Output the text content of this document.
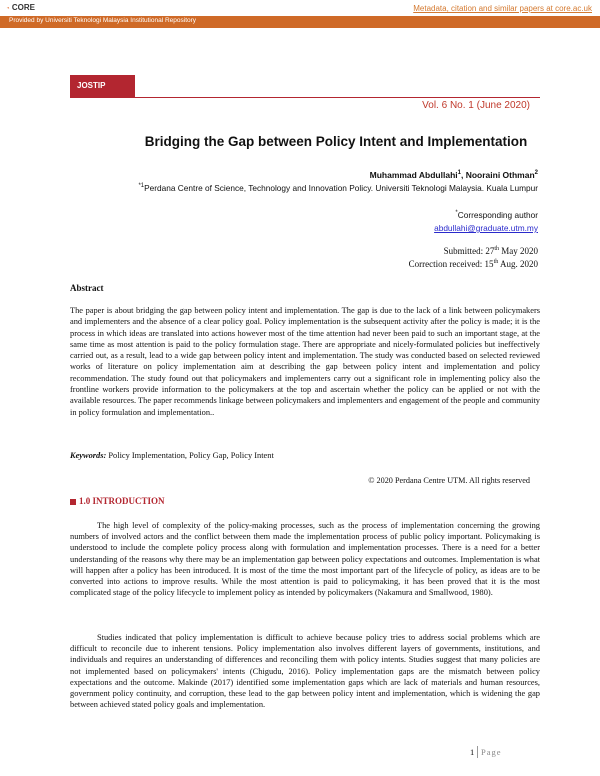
◔ CORE	Metadata, citation and similar papers at core.ac.uk
Provided by Universiti Teknologi Malaysia Institutional Repository
JOSTIP
Vol. 6 No. 1 (June 2020)
Bridging the Gap between Policy Intent and Implementation
Muhammad Abdullahi$^1$, Nooraini Othman$^2$
$^{*1}$Perdana Centre of Science, Technology and Innovation Policy. Universiti Teknologi Malaysia. Kuala Lumpur
*Corresponding author
abdullahi@graduate.utm.my
Submitted: 27th May 2020
Correction received: 15th Aug. 2020
Abstract

The paper is about bridging the gap between policy intent and implementation. The gap is due to the lack of a link between policymakers and implementers and the absence of a clear policy goal. Policy implementation is the subsequent activity after the policy is made; it is the process in which ideas are translated into actions however most of the time attention had never been paid to such an important stage, at the same time as most attention is paid to the policy formulation stage. There are appropriate and nicely-formulated policies but ineffectively carried out, as a result, lead to a wide gap between policy intent and implementation. The study was conducted based on selected reviewed works of literature on policy implementation aim at describing the gap between policy intent and implementation and policy recommendation. The study found out that policymakers and implementers carry out a significant role in implementing policy also the frontline workers provide information to the policymakers at the top and ascertain whether the policy can be applied or not with the available resources. The paper recommends linkage between policymakers and implementers and engagement of the people and community in policy formulation and implementation..

Keywords: Policy Implementation, Policy Gap, Policy Intent
© 2020 Perdana Centre UTM. All rights reserved
1.0 INTRODUCTION

The high level of complexity of the policy-making processes, such as the process of implementation concerning the growing numbers of involved actors and the conflict between them made the implementation process of public policy important. Policymaking is understood to include the complete policy process along with formulation and implementation processes. There is a need for a better understanding of the reasons why there may be an implementation gap between policy expectations and outcomes. Implementation is what will happen after a policy has been introduced. It is most of the time the most important part of the lifecycle of policy, as ideas are to be converted into actions to improve results. While the most attention is paid to policymaking, it has been proved that it is the most complicated stage of the policy lifecycle to implement policy as intended by policymakers (Nakamura and Smallwood, 1980).

Studies indicated that policy implementation is difficult to achieve because policy tries to address social problems which are difficult to reconcile due to inherent tensions. Policy implementation also involves different layers of governments, institutions, and individuals and requires an understanding of differences and reconciling them with policy intents. Studies suggest that many policies are not implemented based on policymakers' intents (Chigudu, 2016). Policy implementation gaps are the mismatch between policy expectations and the outcome. Makinde (2017) identified some implementation gaps which are lack of materials and human resources, government policy continuity, and corruption, these lead to the gap between policy intent and implementation, which is widening the gap between achieved stated policy goals and implementation.

1 Page
